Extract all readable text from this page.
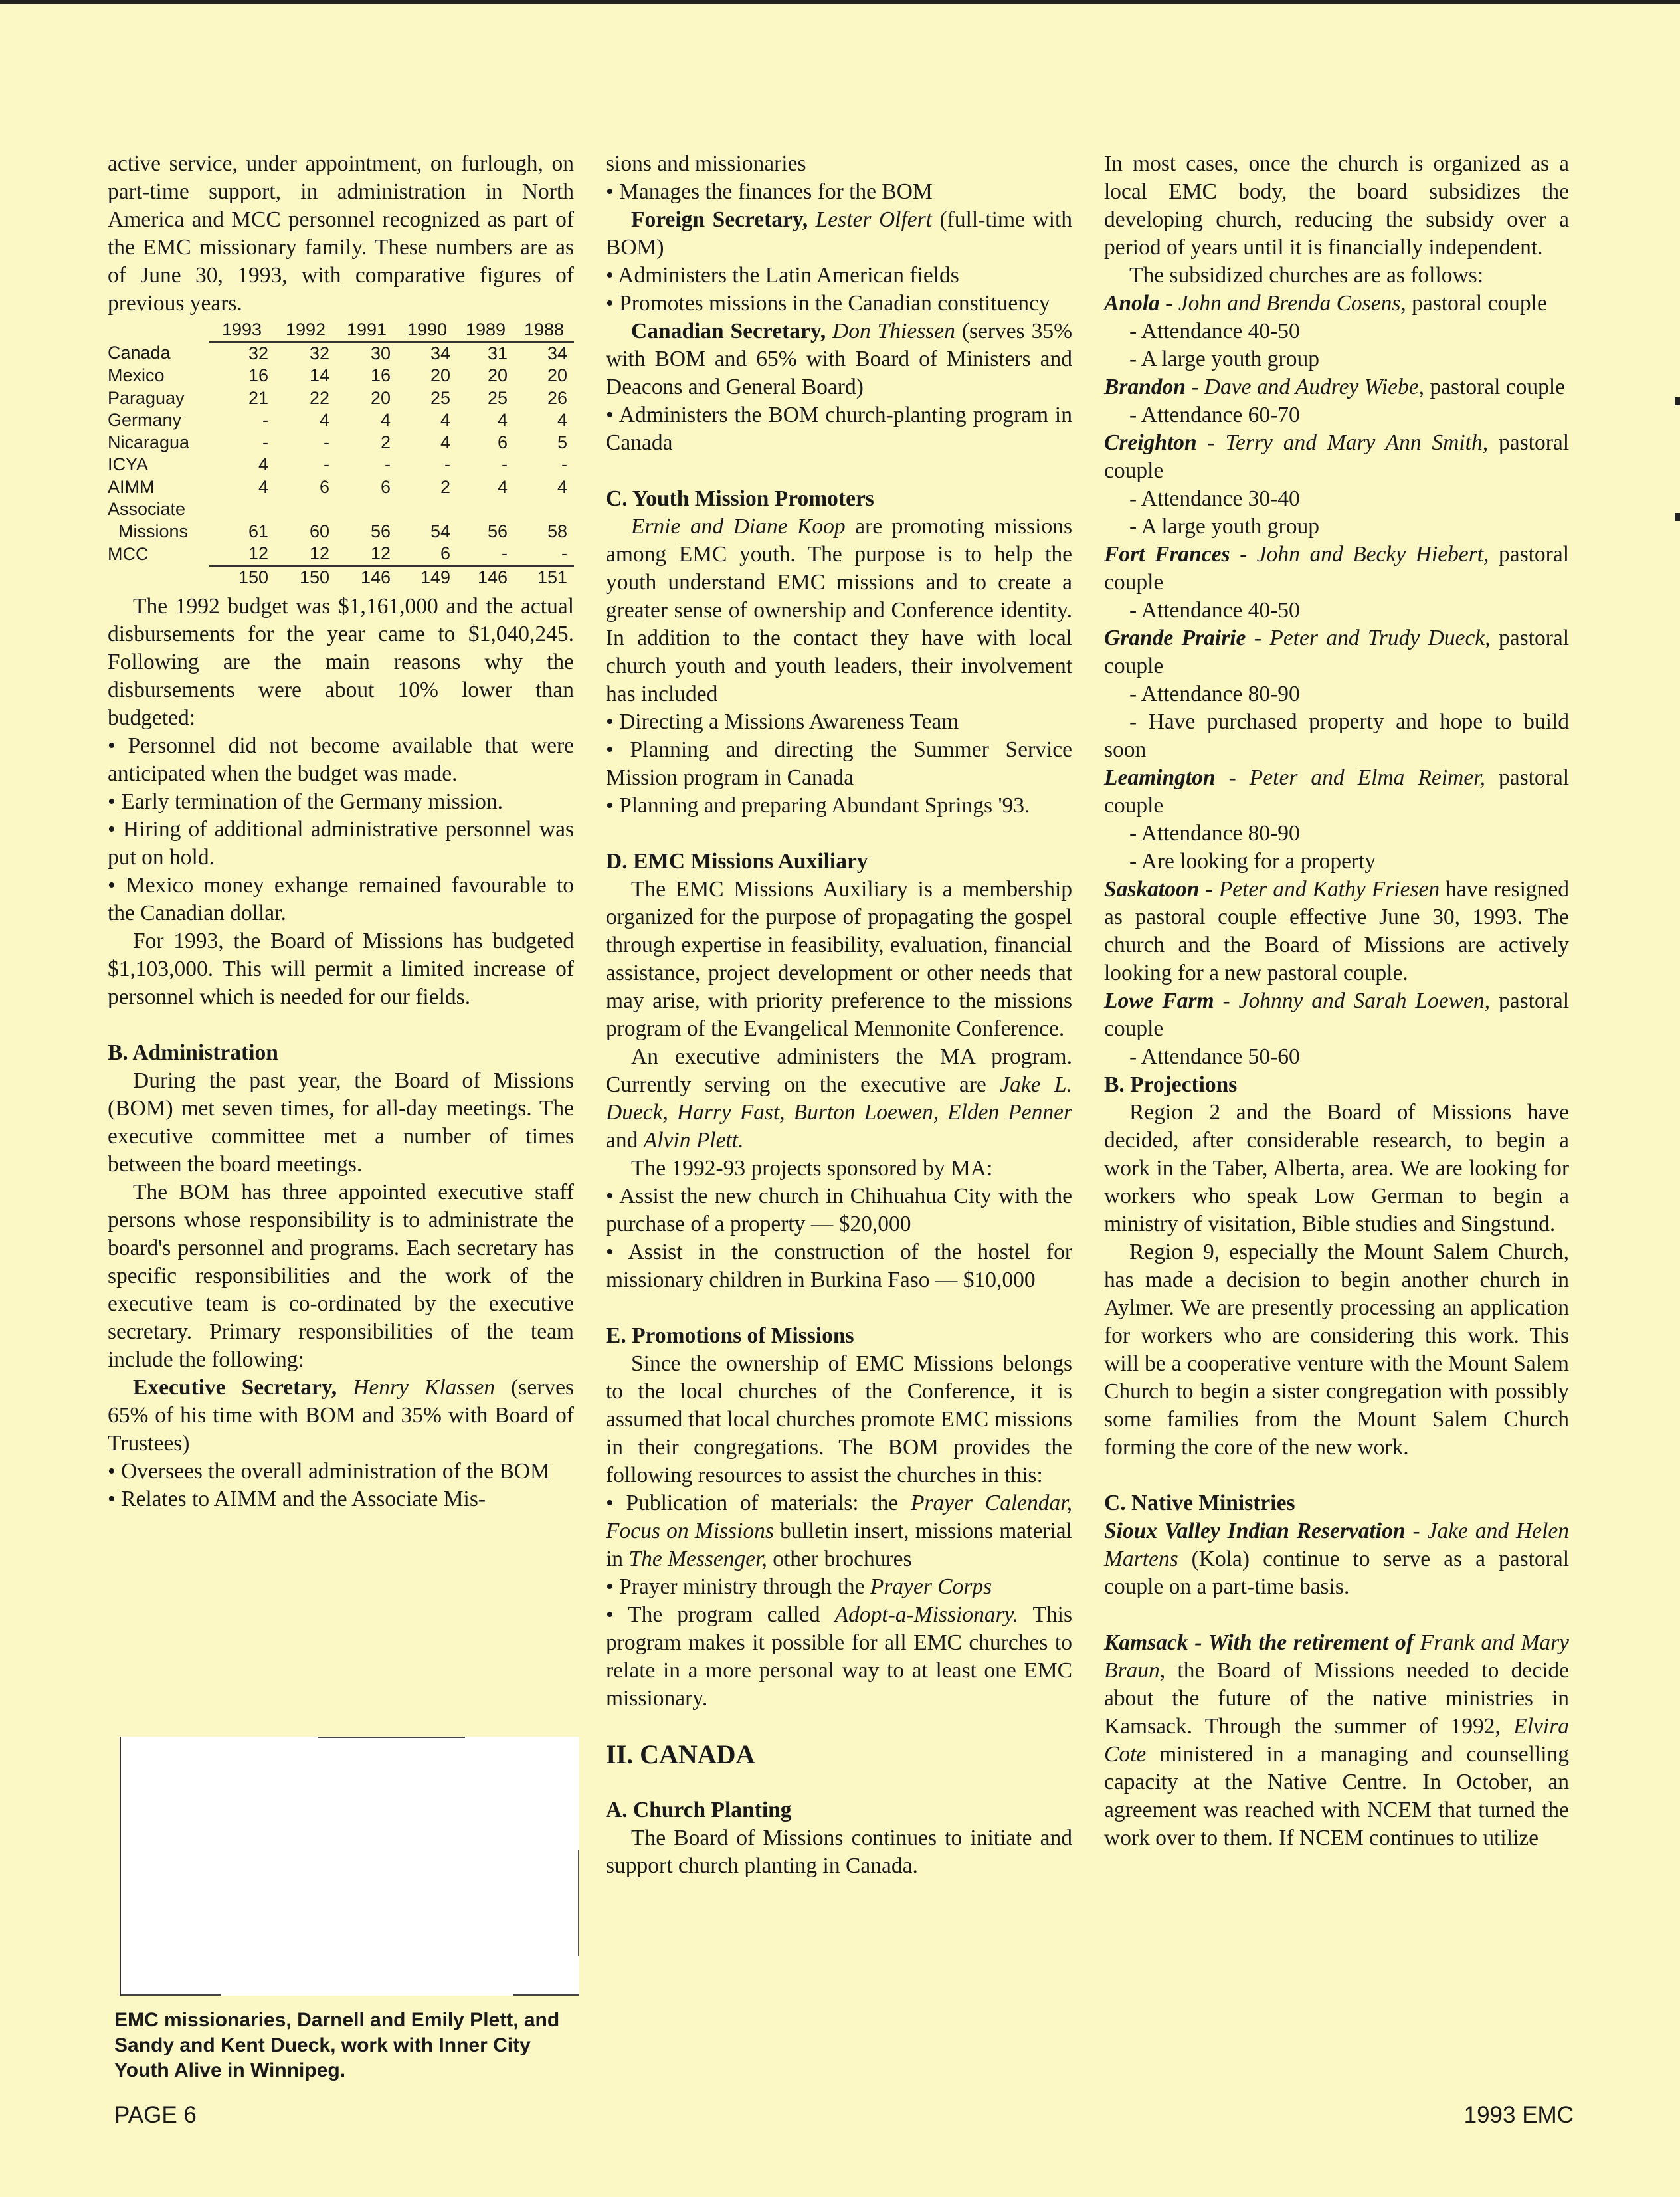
active service, under appointment, on furlough, on part-time support, in administration in North America and MCC personnel recognized as part of the EMC missionary family. These numbers are as of June 30, 1993, with comparative figures of previous years.

	1993	1992	1991	1990	1989	1988
Canada	32	32	30	34	31	34
Mexico	16	14	16	20	20	20
Paraguay	21	22	20	25	25	26
Germany	-	4	4	4	4	4
Nicaragua	-	-	2	4	6	5
ICYA	4	-	-	-	-	-
AIMM	4	6	6	2	4	4
Associate						
Missions	61	60	56	54	56	58
MCC	12	12	12	6	-	-
	150	150	146	149	146	151

The 1992 budget was $1,161,000 and the actual disbursements for the year came to $1,040,245. Following are the main reasons why the disbursements were about 10% lower than budgeted:

• Personnel did not become available that were anticipated when the budget was made.

• Early termination of the Germany mission.

• Hiring of additional administrative personnel was put on hold.

• Mexico money exhange remained favourable to the Canadian dollar.

For 1993, the Board of Missions has budgeted $1,103,000. This will permit a limited increase of personnel which is needed for our fields.

B. Administration

During the past year, the Board of Missions (BOM) met seven times, for all-day meetings. The executive committee met a number of times between the board meetings.

The BOM has three appointed executive staff persons whose responsibility is to administrate the board's personnel and programs. Each secretary has specific responsibilities and the work of the executive team is co-ordinated by the executive secretary. Primary responsibilities of the team include the following:

Executive Secretary, Henry Klassen (serves 65% of his time with BOM and 35% with Board of Trustees)

• Oversees the overall administration of the BOM

• Relates to AIMM and the Associate Mis-

EMC missionaries, Darnell and Emily Plett, and Sandy and Kent Dueck, work with Inner City Youth Alive in Winnipeg.

sions and missionaries

• Manages the finances for the BOM

Foreign Secretary, Lester Olfert (full-time with BOM)

• Administers the Latin American fields

• Promotes missions in the Canadian constituency

Canadian Secretary, Don Thiessen (serves 35% with BOM and 65% with Board of Ministers and Deacons and General Board)

• Administers the BOM church-planting program in Canada

C. Youth Mission Promoters

Ernie and Diane Koop are promoting missions among EMC youth. The purpose is to help the youth understand EMC missions and to create a greater sense of ownership and Conference identity. In addition to the contact they have with local church youth and youth leaders, their involvement has included

• Directing a Missions Awareness Team

• Planning and directing the Summer Service Mission program in Canada

• Planning and preparing Abundant Springs '93.

D. EMC Missions Auxiliary

The EMC Missions Auxiliary is a membership organized for the purpose of propagating the gospel through expertise in feasibility, evaluation, financial assistance, project development or other needs that may arise, with priority preference to the missions program of the Evangelical Mennonite Conference.

An executive administers the MA program. Currently serving on the executive are Jake L. Dueck, Harry Fast, Burton Loewen, Elden Penner and Alvin Plett.

The 1992-93 projects sponsored by MA:

• Assist the new church in Chihuahua City with the purchase of a property — $20,000

• Assist in the construction of the hostel for missionary children in Burkina Faso — $10,000

E. Promotions of Missions

Since the ownership of EMC Missions belongs to the local churches of the Conference, it is assumed that local churches promote EMC missions in their congregations. The BOM provides the following resources to assist the churches in this:

• Publication of materials: the Prayer Calendar, Focus on Missions bulletin insert, missions material in The Messenger, other brochures

• Prayer ministry through the Prayer Corps

• The program called Adopt-a-Missionary. This program makes it possible for all EMC churches to relate in a more personal way to at least one EMC missionary.

II. CANADA

A. Church Planting

The Board of Missions continues to initiate and support church planting in Canada.

In most cases, once the church is organized as a local EMC body, the board subsidizes the developing church, reducing the subsidy over a period of years until it is financially independent.

The subsidized churches are as follows:

Anola - John and Brenda Cosens, pastoral couple

- Attendance 40-50

- A large youth group

Brandon - Dave and Audrey Wiebe, pastoral couple

- Attendance 60-70

Creighton - Terry and Mary Ann Smith, pastoral couple

- Attendance 30-40

- A large youth group

Fort Frances - John and Becky Hiebert, pastoral couple

- Attendance 40-50

Grande Prairie - Peter and Trudy Dueck, pastoral couple

- Attendance 80-90

- Have purchased property and hope to build soon

Leamington - Peter and Elma Reimer, pastoral couple

- Attendance 80-90

- Are looking for a property

Saskatoon - Peter and Kathy Friesen have resigned as pastoral couple effective June 30, 1993. The church and the Board of Missions are actively looking for a new pastoral couple.

Lowe Farm - Johnny and Sarah Loewen, pastoral couple

- Attendance 50-60

B. Projections

Region 2 and the Board of Missions have decided, after considerable research, to begin a work in the Taber, Alberta, area. We are looking for workers who speak Low German to begin a ministry of visitation, Bible studies and Singstund.

Region 9, especially the Mount Salem Church, has made a decision to begin another church in Aylmer. We are presently processing an application for workers who are considering this work. This will be a cooperative venture with the Mount Salem Church to begin a sister congregation with possibly some families from the Mount Salem Church forming the core of the new work.

C. Native Ministries

Sioux Valley Indian Reservation - Jake and Helen Martens (Kola) continue to serve as a pastoral couple on a part-time basis.

Kamsack - With the retirement of Frank and Mary Braun, the Board of Missions needed to decide about the future of the native ministries in Kamsack. Through the summer of 1992, Elvira Cote ministered in a managing and counselling capacity at the Native Centre. In October, an agreement was reached with NCEM that turned the work over to them. If NCEM continues to utilize

PAGE 6	1993 EMC
